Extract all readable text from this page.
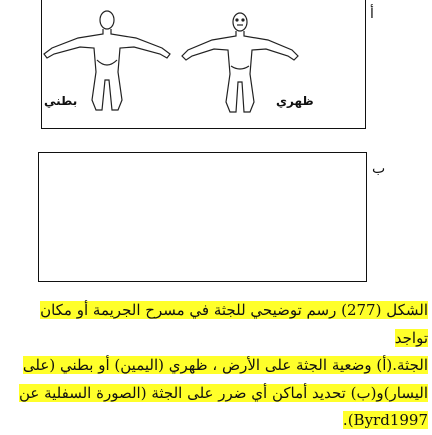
أ
ظهري
بطني
ب
الشكل (277) رسم توضيحي للجثة في مسرح الجريمة أو مكان تواجد
الجثة.(أ) وضعية الجثة على الأرض ، ظهري (اليمين) أو بطني (على
اليسار)و(ب) تحديد أماكن أي ضرر على الجثة (الصورة السفلية عن
Byrd1997).
